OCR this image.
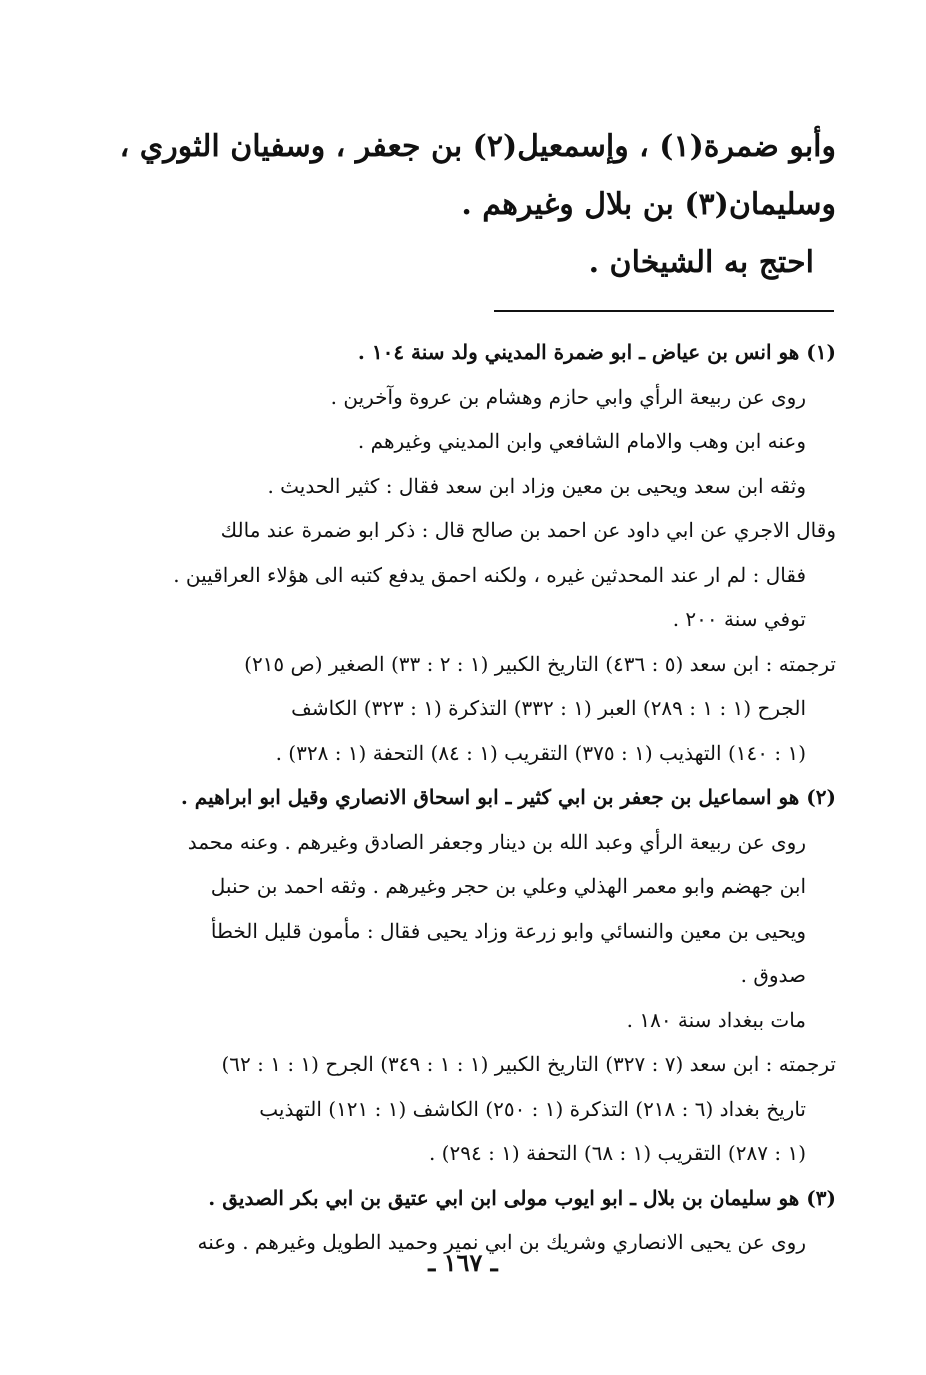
وأبو ضمرة‏(١) ، وإسمعيل‏(٢) بن جعفر ، وسفيان الثوري ،
وسليمان‏(٣) بن بلال وغيرهم .
احتج به الشيخان .
(١) هو انس بن عياض ـ ابو ضمرة المديني ولد سنة ١٠٤ .
روى عن ربيعة الرأي وابي حازم وهشام بن عروة وآخرين .
وعنه ابن وهب والامام الشافعي وابن المديني وغيرهم .
وثقه ابن سعد ويحيى بن معين وزاد ابن سعد فقال : كثير الحديث .
وقال الاجري عن ابي داود عن احمد بن صالح قال : ذكر ابو ضمرة عند مالك
فقال : لم ار عند المحدثين غيره ، ولكنه احمق يدفع كتبه الى هؤلاء العراقيين .
توفي سنة ٢٠٠ .
ترجمته : ابن سعد (٥ : ٤٣٦) التاريخ الكبير (١ : ٢ : ٣٣) الصغير (ص ٢١٥)
الجرح (١ : ١ : ٢٨٩) العبر (١ : ٣٣٢) التذكرة (١ : ٣٢٣) الكاشف
(١ : ١٤٠) التهذيب (١ : ٣٧٥) التقريب (١ : ٨٤) التحفة (١ : ٣٢٨) .
(٢) هو اسماعيل بن جعفر بن ابي كثير ـ ابو اسحاق الانصاري وقيل ابو ابراهيم .
روى عن ربيعة الرأي وعبد الله بن دينار وجعفر الصادق وغيرهم . وعنه محمد
ابن جهضم وابو معمر الهذلي وعلي بن حجر وغيرهم . وثقه احمد بن حنبل
ويحيى بن معين والنسائي وابو زرعة وزاد يحيى فقال : مأمون قليل الخطأ
صدوق .
مات ببغداد سنة ١٨٠ .
ترجمته : ابن سعد (٧ : ٣٢٧) التاريخ الكبير (١ : ١ : ٣٤٩) الجرح (١ : ١ : ٦٢)
تاريخ بغداد (٦ : ٢١٨) التذكرة (١ : ٢٥٠) الكاشف (١ : ١٢١) التهذيب
(١ : ٢٨٧) التقريب (١ : ٦٨) التحفة (١ : ٢٩٤) .
(٣) هو سليمان بن بلال ـ ابو ايوب مولى ابن ابي عتيق بن ابي بكر الصديق .
روى عن يحيى الانصاري وشريك بن ابي نمير وحميد الطويل وغيرهم . وعنه
ـ ١٦٧ ـ
